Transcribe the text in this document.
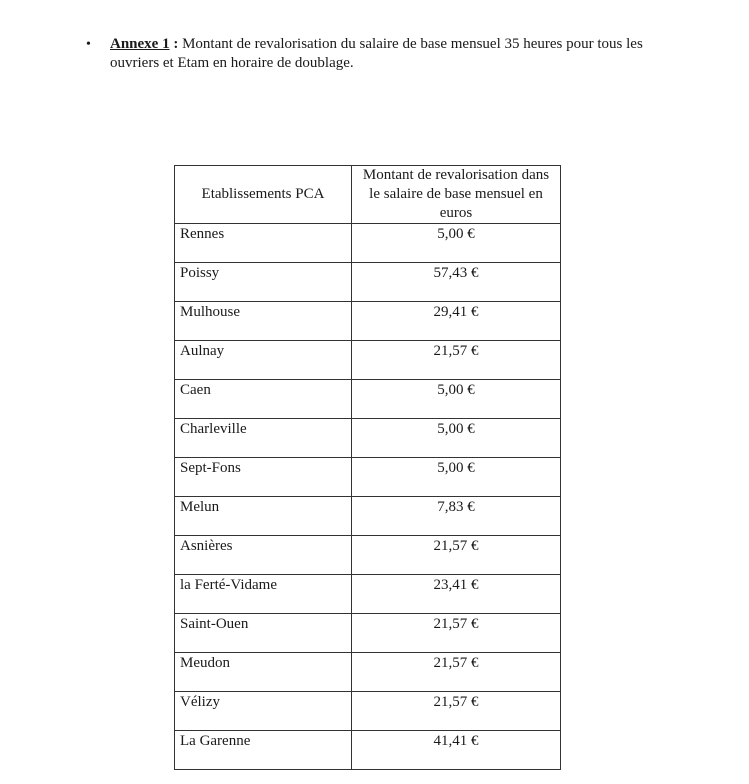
• Annexe 1 : Montant de revalorisation du salaire de base mensuel 35 heures pour tous les ouvriers et Etam en horaire de doublage.
Etablissements PCA	Montant de revalorisation dans le salaire de base mensuel en euros
Rennes	5,00 €
Poissy	57,43 €
Mulhouse	29,41 €
Aulnay	21,57 €
Caen	5,00 €
Charleville	5,00 €
Sept-Fons	5,00 €
Melun	7,83 €
Asnières	21,57 €
la Ferté-Vidame	23,41 €
Saint-Ouen	21,57 €
Meudon	21,57 €
Vélizy	21,57 €
La Garenne	41,41 €
